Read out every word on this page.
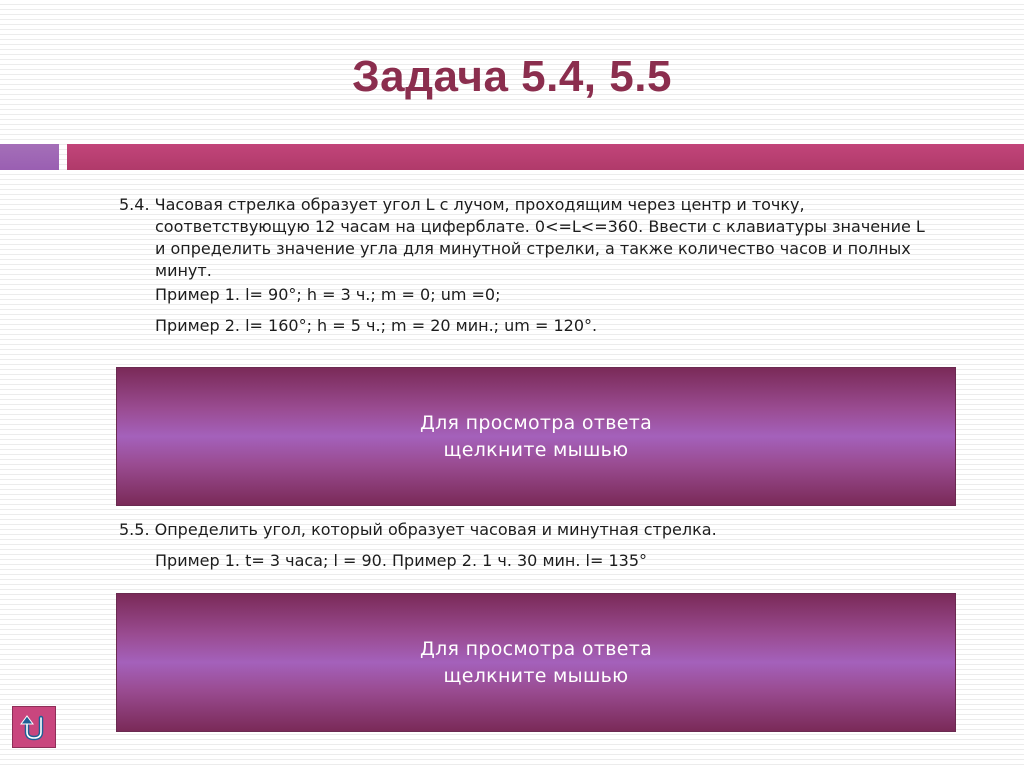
Задача 5.4, 5.5
5.4. Часовая стрелка образует угол L с лучом, проходящим через центр и точку,
соответствующую 12 часам на циферблате. 0<=L<=360. Ввести с клавиатуры значение L
и определить значение угла для минутной стрелки, а также количество часов и полных
минут.
Пример 1. l= 90°; h = 3 ч.; m = 0; um =0;
Пример 2. l= 160°; h = 5 ч.; m = 20 мин.; um = 120°.
Для просмотра ответа
щелкните мышью
5.5. Определить угол, который образует часовая и минутная стрелка.
Пример 1. t= 3 часа; l = 90. Пример 2. 1 ч. 30 мин. l= 135°
Для просмотра ответа
щелкните мышью
